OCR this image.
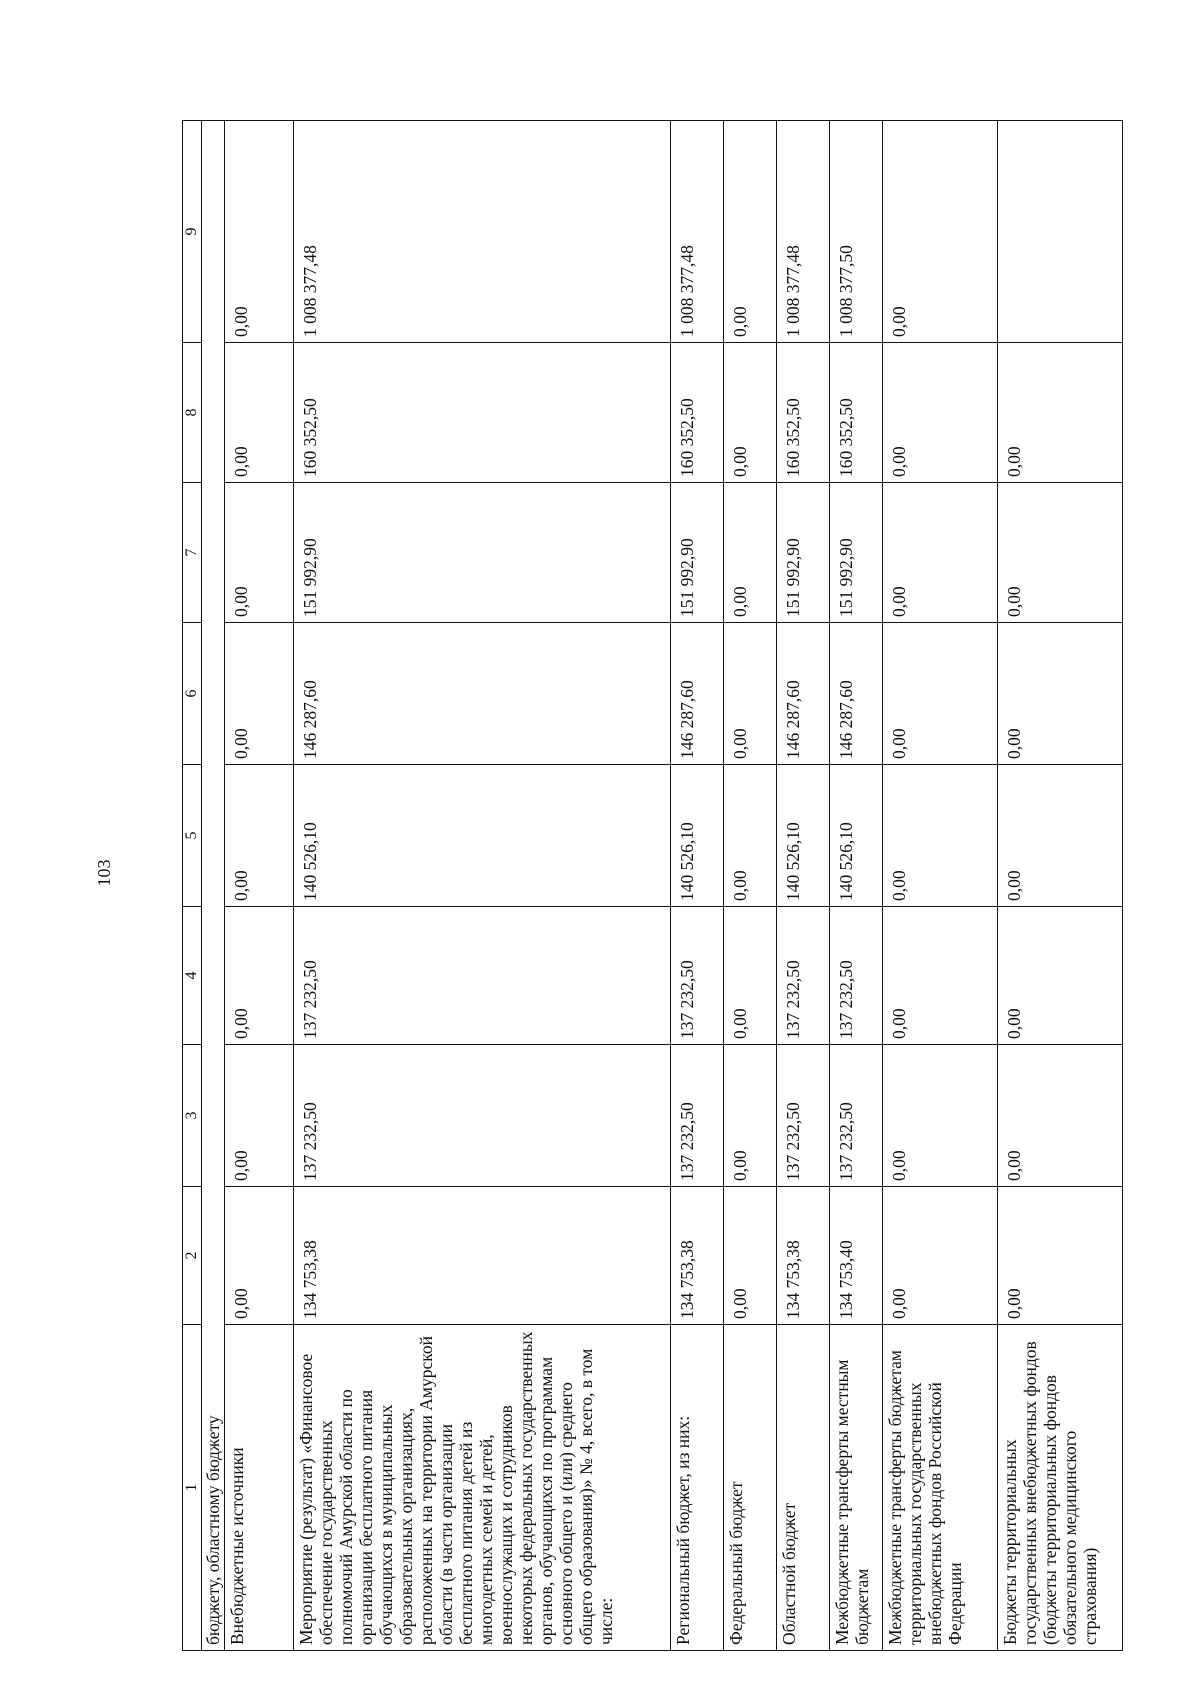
103
1	2	3	4	5	6	7	8	9
бюджету, областному бюджету								
Внебюджетные источники	0,00	0,00	0,00	0,00	0,00	0,00	0,00	0,00
Мероприятие (результат) «Финансовое обеспечение государственных полномочий Амурской области по организации бесплатного питания обучающихся в муниципальных образовательных организациях, расположенных на территории Амурской области (в части организации бесплатного питания детей из многодетных семей и детей, военнослужащих и сотрудников некоторых федеральных государственных органов, обучающихся по программам основного общего и (или) среднего общего образования)» № 4, всего, в том числе:	134 753,38	137 232,50	137 232,50	140 526,10	146 287,60	151 992,90	160 352,50	1 008 377,48
Региональный бюджет, из них:	134 753,38	137 232,50	137 232,50	140 526,10	146 287,60	151 992,90	160 352,50	1 008 377,48
Федеральный бюджет	0,00	0,00	0,00	0,00	0,00	0,00	0,00	0,00
Областной бюджет	134 753,38	137 232,50	137 232,50	140 526,10	146 287,60	151 992,90	160 352,50	1 008 377,48
Межбюджетные трансферты местным бюджетам	134 753,40	137 232,50	137 232,50	140 526,10	146 287,60	151 992,90	160 352,50	1 008 377,50
Межбюджетные трансферты бюджетам территориальных государственных внебюджетных фондов Российской Федерации	0,00	0,00	0,00	0,00	0,00	0,00	0,00	0,00
Бюджеты территориальных государственных внебюджетных фондов (бюджеты территориальных фондов обязательного медицинского страхования)	0,00	0,00	0,00	0,00	0,00	0,00	0,00	
